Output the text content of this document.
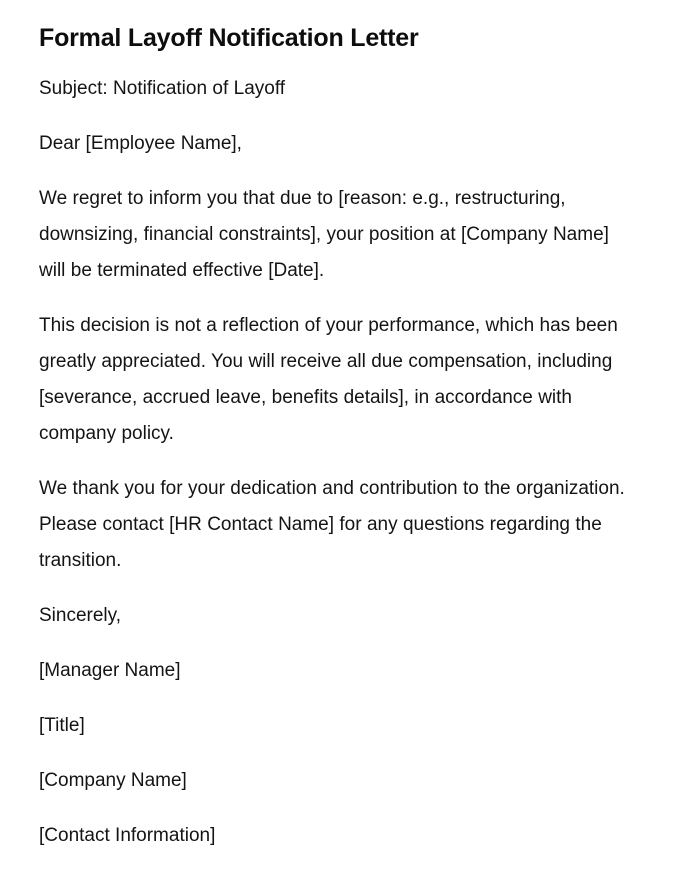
Formal Layoff Notification Letter

Subject: Notification of Layoff

Dear [Employee Name],

We regret to inform you that due to [reason: e.g., restructuring, downsizing, financial constraints], your position at [Company Name] will be terminated effective [Date].

This decision is not a reflection of your performance, which has been greatly appreciated. You will receive all due compensation, including [severance, accrued leave, benefits details], in accordance with company policy.

We thank you for your dedication and contribution to the organization. Please contact [HR Contact Name] for any questions regarding the transition.

Sincerely,

[Manager Name]

[Title]

[Company Name]

[Contact Information]
